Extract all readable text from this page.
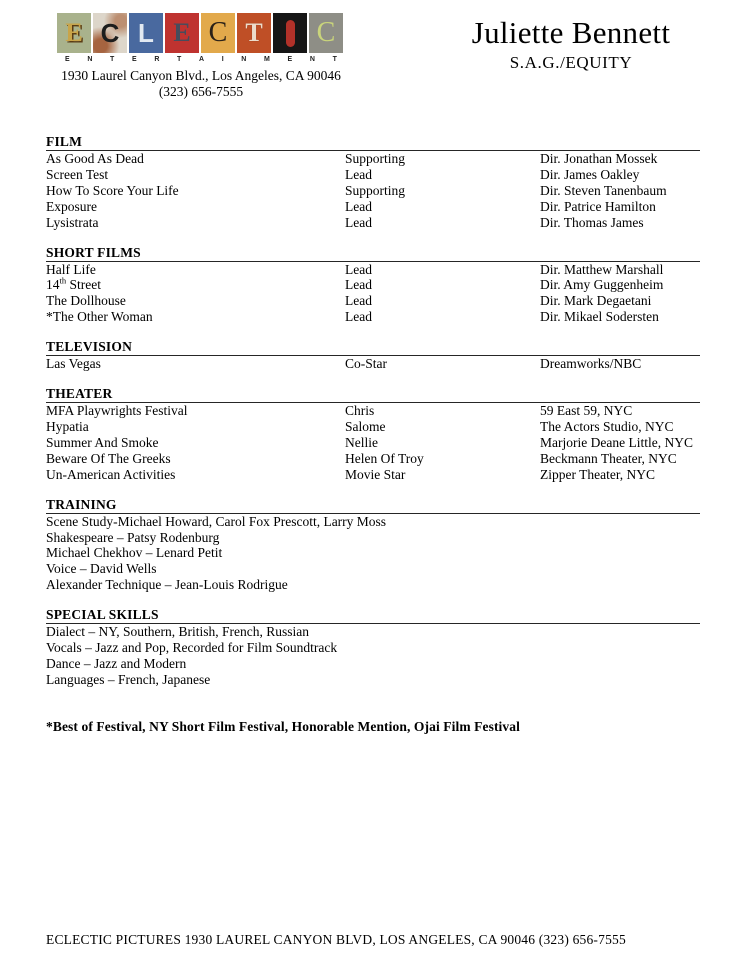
E C L E C T C
E	N	T	E	R	T	A	I	N	M	E	N	T
1930 Laurel Canyon Blvd., Los Angeles, CA 90046
(323) 656-7555
Juliette Bennett
S.A.G./EQUITY
FILM
As Good As Dead	Supporting	Dir. Jonathan Mossek
Screen Test	Lead	Dir. James Oakley
How To Score Your Life	Supporting	Dir. Steven Tanenbaum
Exposure	Lead	Dir. Patrice Hamilton
Lysistrata	Lead	Dir. Thomas James
SHORT FILMS
Half Life	Lead	Dir. Matthew Marshall
14th Street	Lead	Dir. Amy Guggenheim
The Dollhouse	Lead	Dir. Mark Degaetani
*The Other Woman	Lead	Dir. Mikael Sodersten
TELEVISION
Las Vegas	Co-Star	Dreamworks/NBC
THEATER
MFA Playwrights Festival	Chris	59 East 59, NYC
Hypatia	Salome	The Actors Studio, NYC
Summer And Smoke	Nellie	Marjorie Deane Little, NYC
Beware Of The Greeks	Helen Of Troy	Beckmann Theater, NYC
Un-American Activities	Movie Star	Zipper Theater, NYC
TRAINING
Scene Study-Michael Howard, Carol Fox Prescott, Larry Moss
Shakespeare – Patsy Rodenburg
Michael Chekhov – Lenard Petit
Voice – David Wells
Alexander Technique – Jean-Louis Rodrigue
SPECIAL SKILLS
Dialect – NY, Southern, British, French, Russian
Vocals – Jazz and Pop, Recorded for Film Soundtrack
Dance – Jazz and Modern
Languages – French, Japanese
*Best of Festival, NY Short Film Festival, Honorable Mention, Ojai Film Festival
ECLECTIC PICTURES 1930 LAUREL CANYON BLVD, LOS ANGELES, CA 90046 (323) 656-7555
